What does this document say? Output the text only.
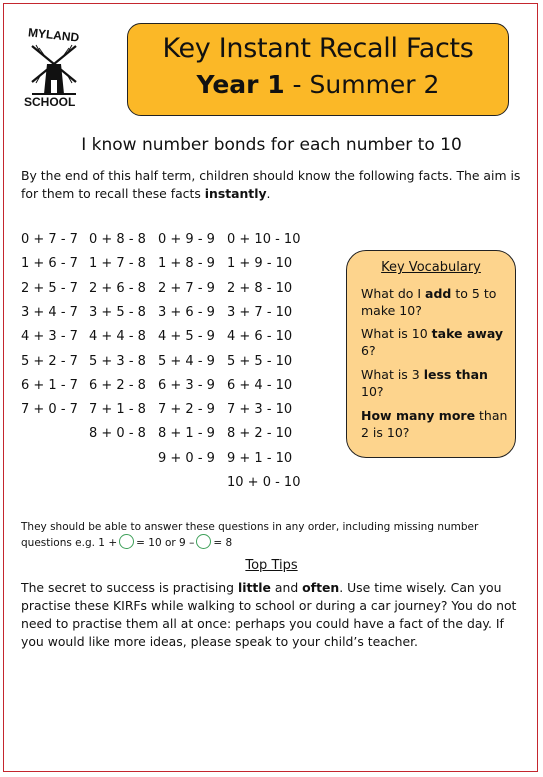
MYLAND
SCHOOL
Key Instant Recall Facts
Year 1 - Summer 2
I know number bonds for each number to 10
By the end of this half term, children should know the following facts. The aim is for them to recall these facts instantly.
0 + 7 - 7
1 + 6 - 7
2 + 5 - 7
3 + 4 - 7
4 + 3 - 7
5 + 2 - 7
6 + 1 - 7
7 + 0 - 7
0 + 8 - 8
1 + 7 - 8
2 + 6 - 8
3 + 5 - 8
4 + 4 - 8
5 + 3 - 8
6 + 2 - 8
7 + 1 - 8
8 + 0 - 8
0 + 9 - 9
1 + 8 - 9
2 + 7 - 9
3 + 6 - 9
4 + 5 - 9
5 + 4 - 9
6 + 3 - 9
7 + 2 - 9
8 + 1 - 9
9 + 0 - 9
0 + 10 - 10
1 + 9 - 10
2 + 8 - 10
3 + 7 - 10
4 + 6 - 10
5 + 5 - 10
6 + 4 - 10
7 + 3 - 10
8 + 2 - 10
9 + 1 - 10
10 + 0 - 10
Key Vocabulary
What do I add to 5 to make 10?
What is 10 take away 6?
What is 3 less than 10?
How many more than 2 is 10?
They should be able to answer these questions in any order, including missing number questions e.g. 1 + = 10 or 9 – = 8
Top Tips
The secret to success is practising little and often. Use time wisely. Can you practise these KIRFs while walking to school or during a car journey? You do not need to practise them all at once: perhaps you could have a fact of the day. If you would like more ideas, please speak to your child’s teacher.
